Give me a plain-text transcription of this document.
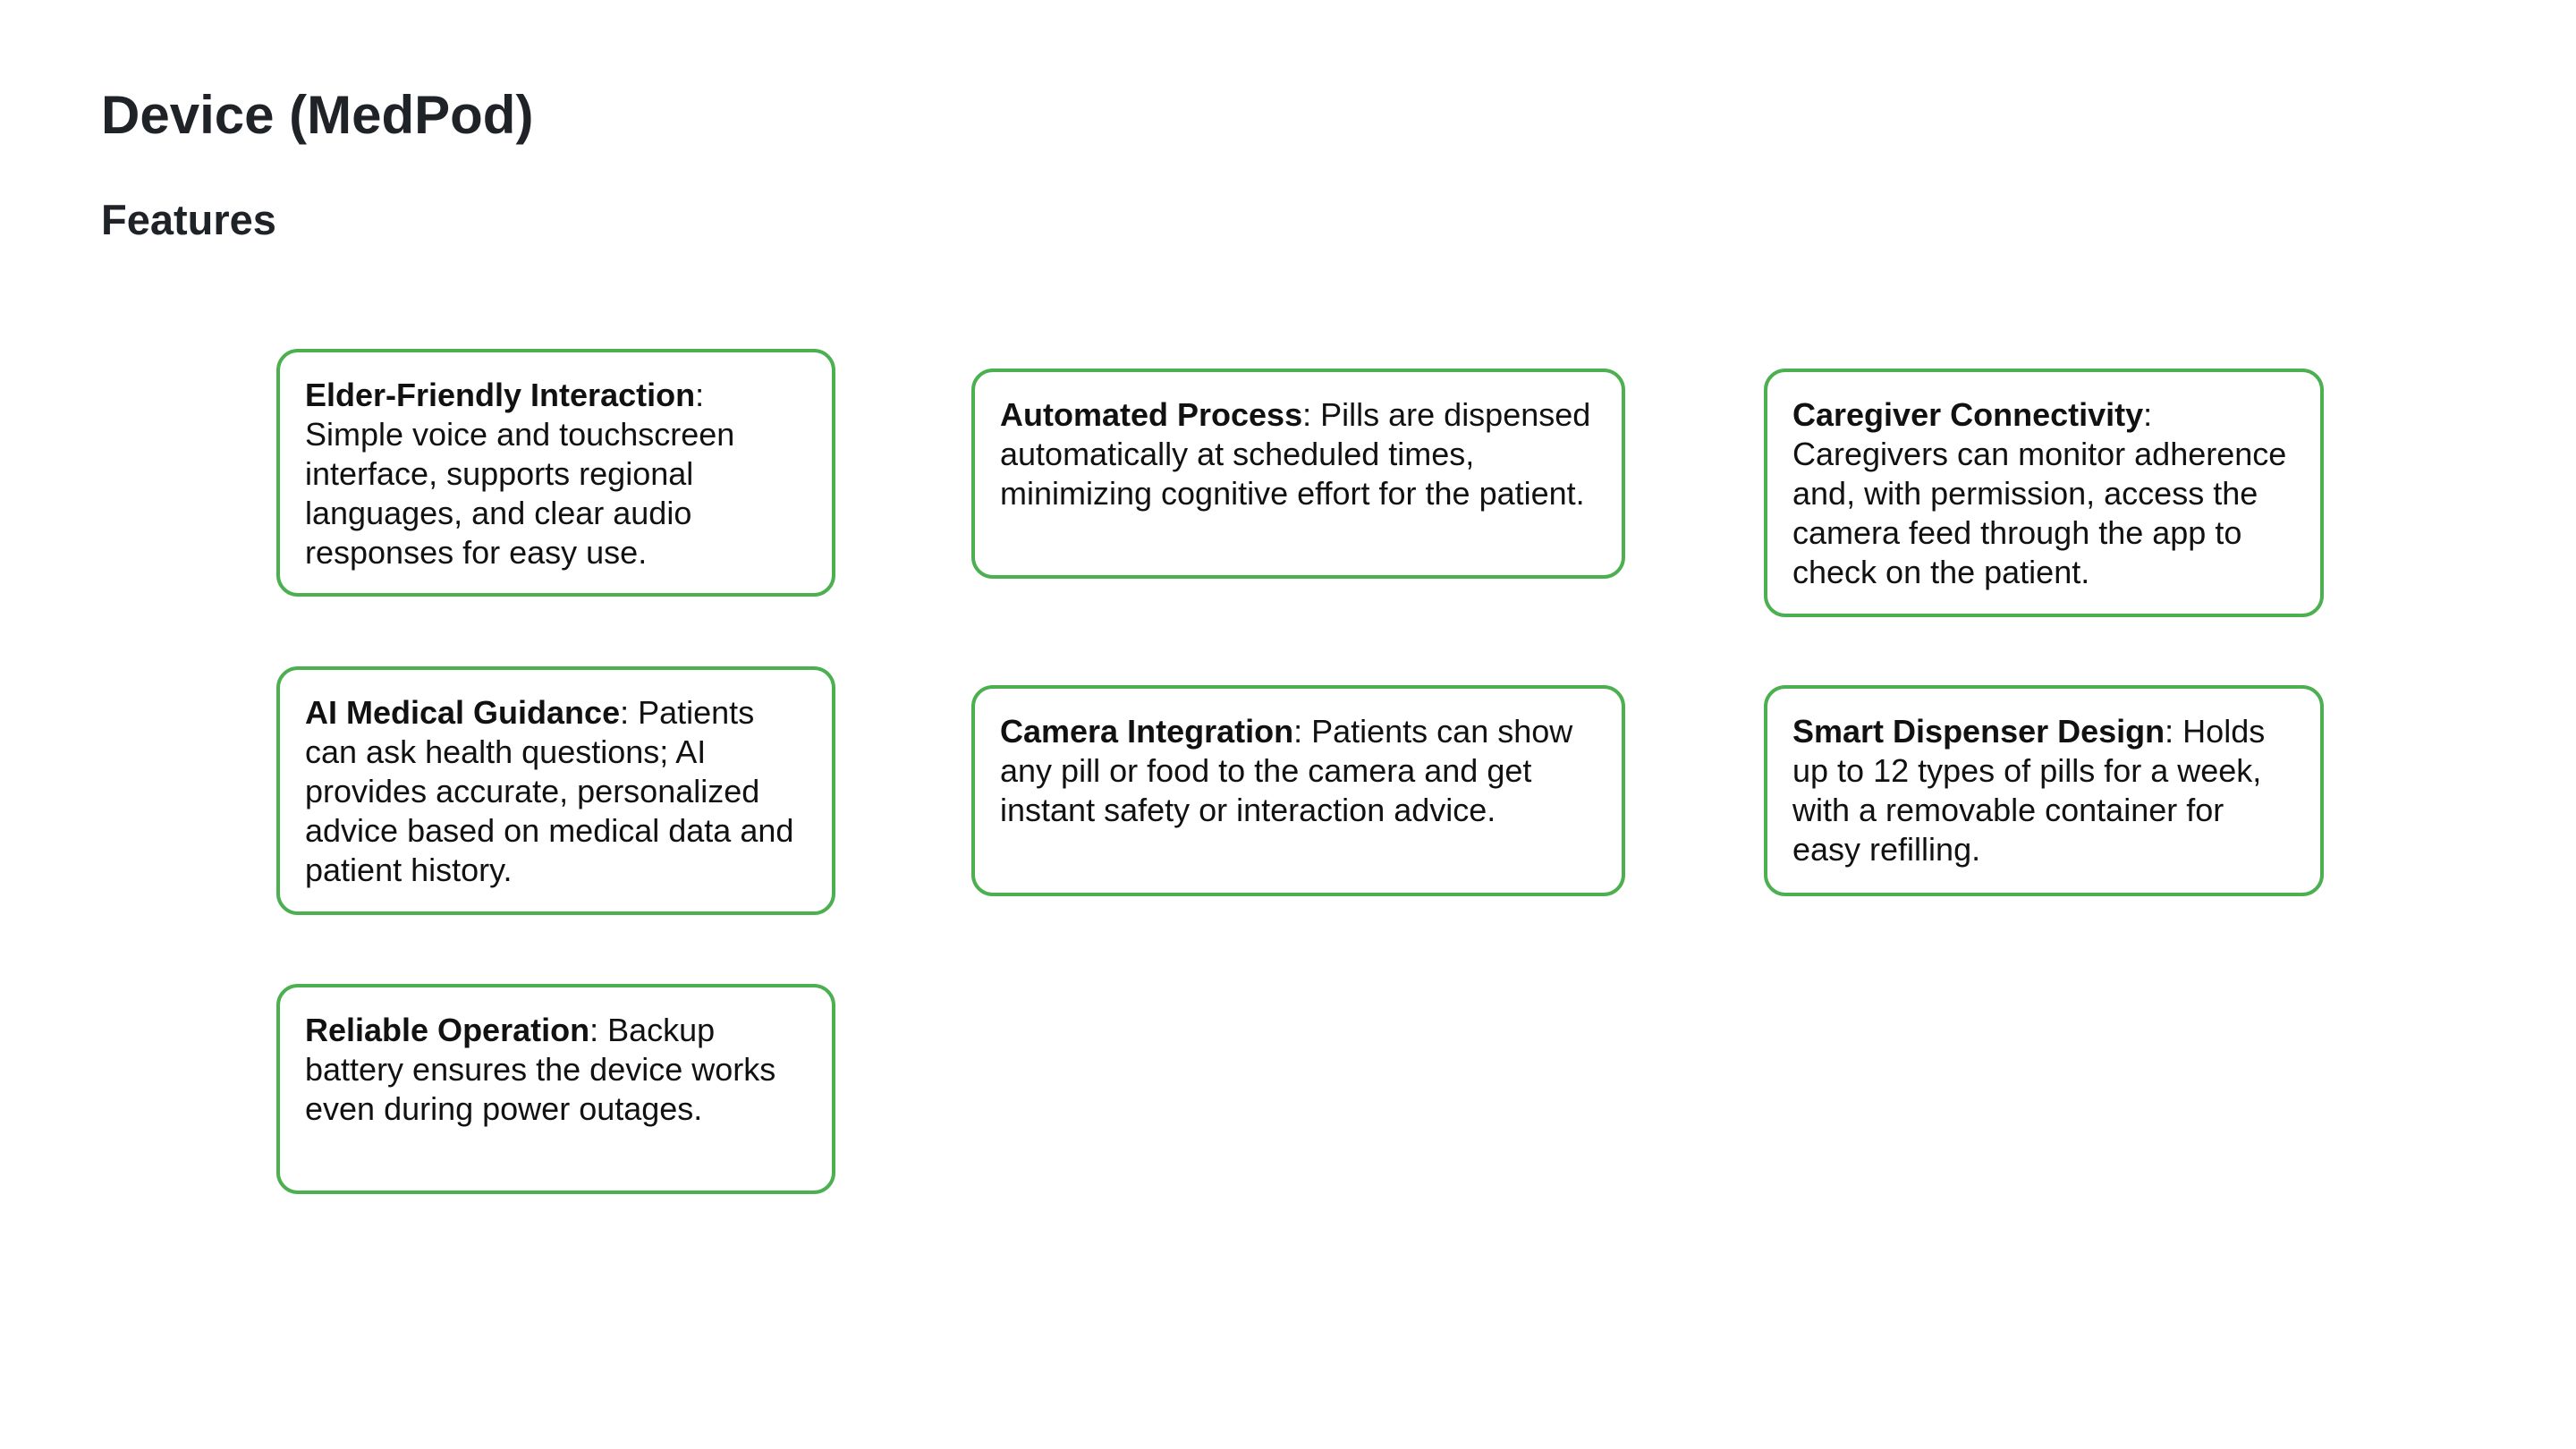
Device (MedPod)
Features
Elder-Friendly Interaction: Simple voice and touchscreen interface, supports regional languages, and clear audio responses for easy use.
Automated Process: Pills are dispensed automatically at scheduled times, minimizing cognitive effort for the patient.
Caregiver Connectivity: Caregivers can monitor adherence and, with permission, access the camera feed through the app to check on the patient.
AI Medical Guidance: Patients can ask health questions; AI provides accurate, personalized advice based on medical data and patient history.
Camera Integration: Patients can show any pill or food to the camera and get instant safety or interaction advice.
Smart Dispenser Design: Holds up to 12 types of pills for a week, with a removable container for easy refilling.
Reliable Operation: Backup battery ensures the device works even during power outages.
